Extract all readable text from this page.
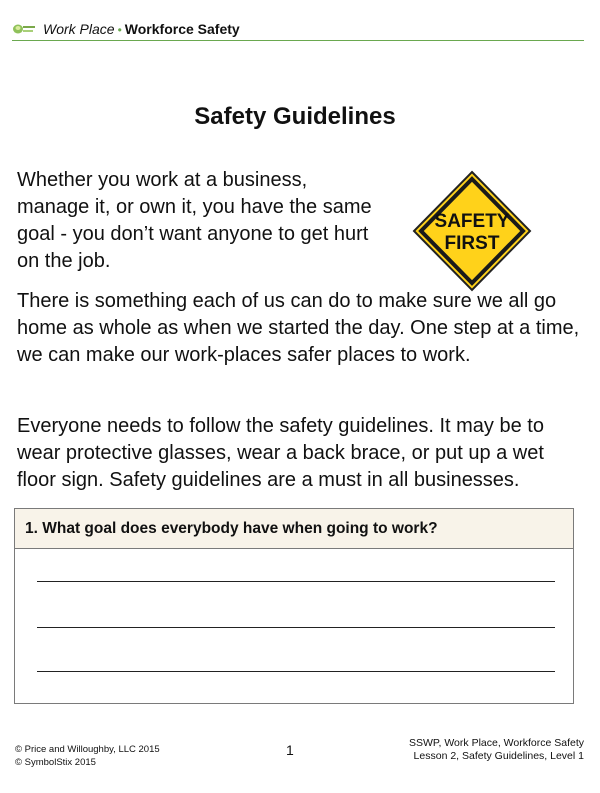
Work Place • Workforce Safety
Safety Guidelines

Whether you work at a business, manage it, or own it, you have the same goal - you don’t want anyone to get hurt on the job.

SAFETY
FIRST

There is something each of us can do to make sure we all go home as whole as when we started the day. One step at a time, we can make our work-places safer places to work.

Everyone needs to follow the safety guidelines. It may be to wear protective glasses, wear a back brace, or put up a wet floor sign. Safety guidelines are a must in all businesses.

1. What goal does everybody have when going to work?
© Price and Willoughby, LLC 2015
© SymbolStix 2015
1	SSWP, Work Place, Workforce Safety
Lesson 2, Safety Guidelines, Level 1
